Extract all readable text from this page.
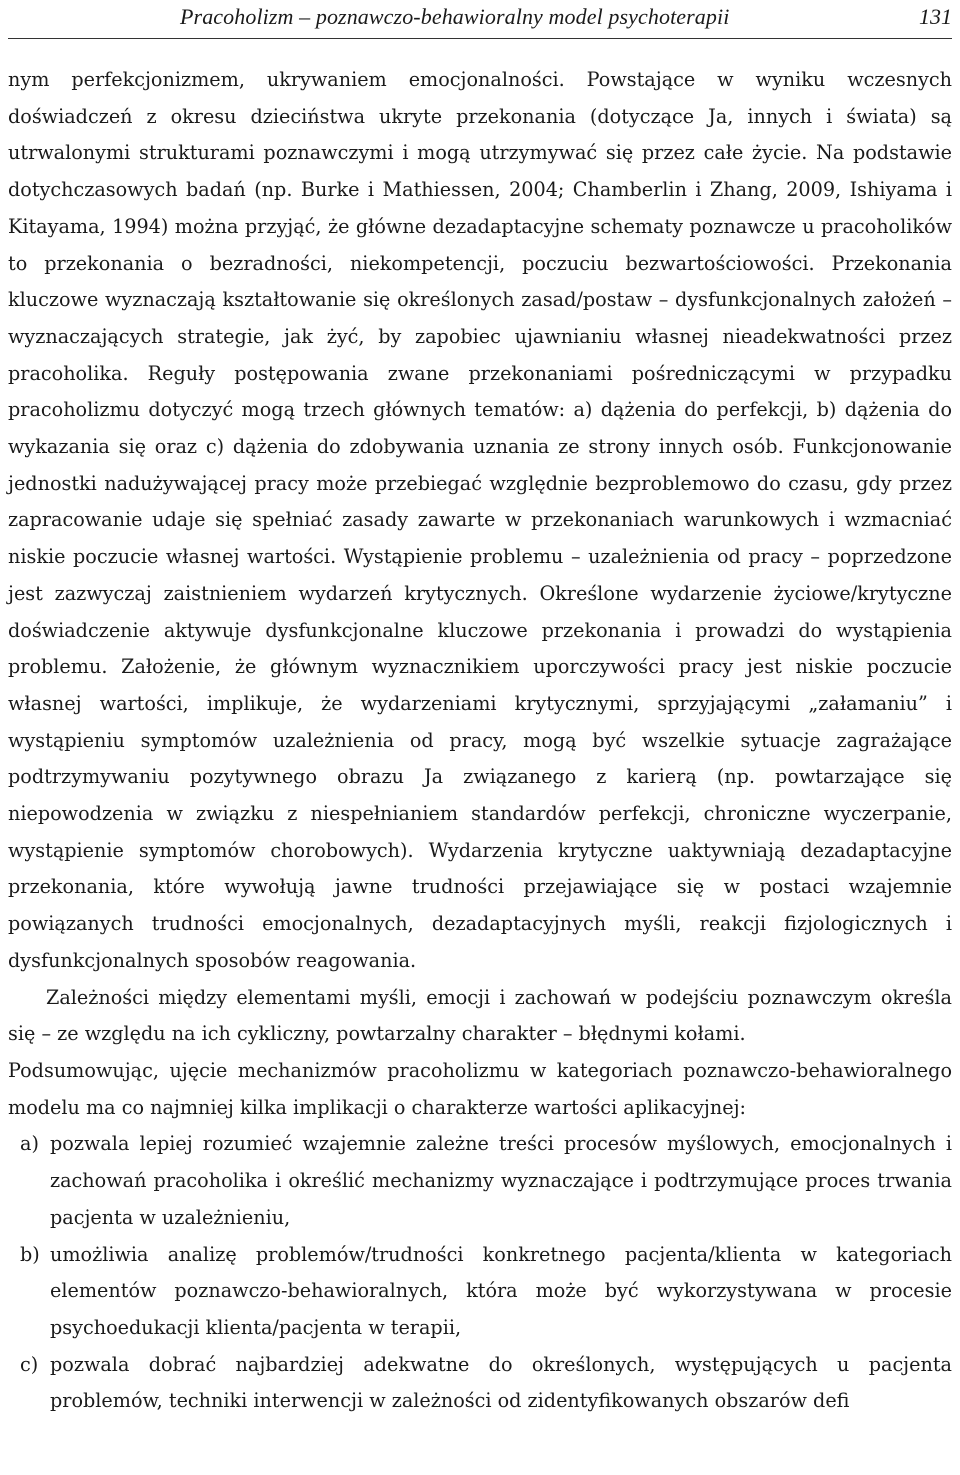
Pracoholizm – poznawczo-behawioralny model psychoterapii	131

nym perfekcjonizmem, ukrywaniem emocjonalności. Powstające w wyniku wczesnych doświadczeń z okresu dzieciństwa ukryte przekonania (dotyczące Ja, innych i świata) są utrwalonymi strukturami poznawczymi i mogą utrzymywać się przez całe życie. Na podstawie dotychczasowych badań (np. Burke i Mathiessen, 2004; Chamberlin i Zhang, 2009, Ishiyama i Kitayama, 1994) można przyjąć, że główne dezadaptacyjne schematy poznawcze u pracoholików to przekonania o bezradności, niekompetencji, poczuciu bezwartościowości. Przekonania kluczowe wyznaczają kształtowanie się określonych zasad/postaw – dysfunkcjonalnych założeń – wyznaczających strategie, jak żyć, by zapobiec ujawnianiu własnej nieadekwatności przez pracoholika. Reguły postępowania zwane przekonaniami pośredniczącymi w przypadku pracoholizmu dotyczyć mogą trzech głównych tematów: a) dążenia do perfekcji, b) dążenia do wykazania się oraz c) dążenia do zdobywania uznania ze strony innych osób. Funkcjonowanie jednostki nadużywającej pracy może przebiegać względnie bezproblemowo do czasu, gdy przez zapracowanie udaje się spełniać zasady zawarte w przekonaniach warunkowych i wzmacniać niskie poczucie własnej wartości. Wystąpienie problemu – uzależnienia od pracy – poprzedzone jest zazwyczaj zaistnieniem wydarzeń krytycznych. Określone wydarzenie życiowe/krytyczne doświadczenie aktywuje dysfunkcjonalne kluczowe przekonania i prowadzi do wystąpienia problemu. Założenie, że głównym wyznacznikiem uporczywości pracy jest niskie poczucie własnej wartości, implikuje, że wydarzeniami krytycznymi, sprzyjającymi „załamaniu” i wystąpieniu symptomów uzależnienia od pracy, mogą być wszelkie sytuacje zagrażające podtrzymywaniu pozytywnego obrazu Ja związanego z karierą (np. powtarzające się niepowodzenia w związku z niespełnianiem standardów perfekcji, chroniczne wyczerpanie, wystąpienie symptomów chorobowych). Wydarzenia krytyczne uaktywniają dezadaptacyjne przekonania, które wywołują jawne trudności przejawiające się w postaci wzajemnie powiązanych trudności emocjonalnych, dezadaptacyjnych myśli, reakcji fizjologicznych i dysfunkcjonalnych sposobów reagowania.

Zależności między elementami myśli, emocji i zachowań w podejściu poznawczym określa się – ze względu na ich cykliczny, powtarzalny charakter – błędnymi kołami.

Podsumowując, ujęcie mechanizmów pracoholizmu w kategoriach poznawczo-behawioralnego modelu ma co najmniej kilka implikacji o charakterze wartości aplikacyjnej:

a) pozwala lepiej rozumieć wzajemnie zależne treści procesów myślowych, emocjonalnych i zachowań pracoholika i określić mechanizmy wyznaczające i podtrzymujące proces trwania pacjenta w uzależnieniu,
b) umożliwia analizę problemów/trudności konkretnego pacjenta/klienta w kategoriach elementów poznawczo-behawioralnych, która może być wykorzystywana w procesie psychoedukacji klienta/pacjenta w terapii,
c) pozwala dobrać najbardziej adekwatne do określonych, występujących u pacjenta problemów, techniki interwencji w zależności od zidentyfikowanych obszarów defi
